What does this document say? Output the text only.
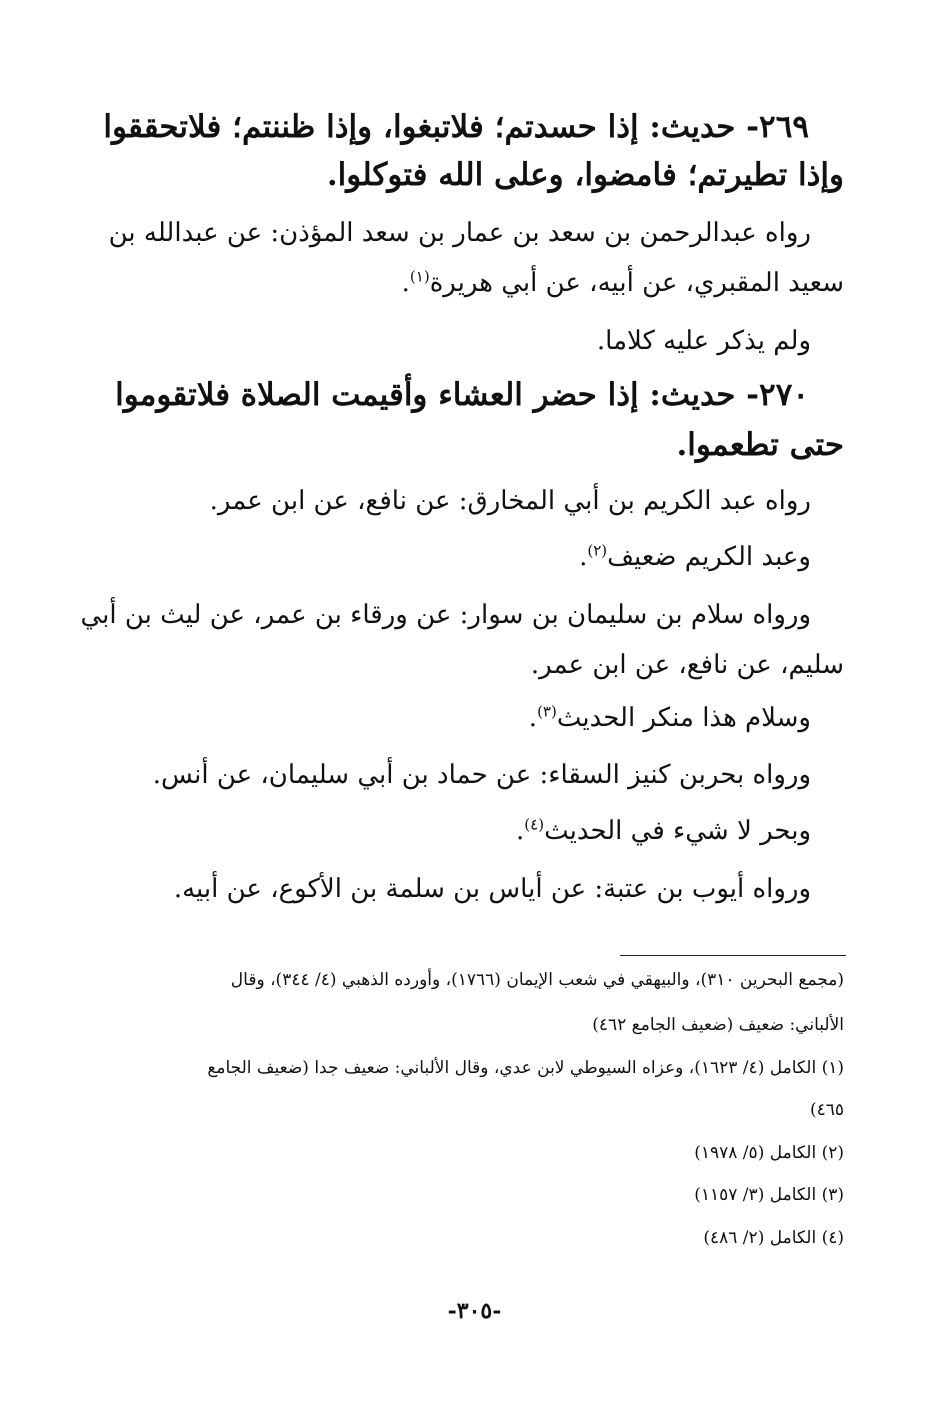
٢٦٩- حديث: إذا حسدتم؛ فلاتبغوا، وإذا ظننتم؛ فلاتحققوا
وإذا تطيرتم؛ فامضوا، وعلى الله فتوكلوا.
رواه عبدالرحمن بن سعد بن عمار بن سعد المؤذن: عن عبدالله بن
سعيد المقبري، عن أبيه، عن أبي هريرة$^{(١)}$.
ولم يذكر عليه كلاما.
٢٧٠- حديث: إذا حضر العشاء وأقيمت الصلاة فلاتقوموا
حتى تطعموا.
رواه عبد الكريم بن أبي المخارق: عن نافع، عن ابن عمر.
وعبد الكريم ضعيف$^{(٢)}$.
ورواه سلام بن سليمان بن سوار: عن ورقاء بن عمر، عن ليث بن أبي
سليم، عن نافع، عن ابن عمر.
وسلام هذا منكر الحديث$^{(٣)}$.
ورواه بحربن كنيز السقاء: عن حماد بن أبي سليمان، عن أنس.
وبحر لا شيء في الحديث$^{(٤)}$.
ورواه أيوب بن عتبة: عن أياس بن سلمة بن الأكوع، عن أبيه.
(مجمع البحرين ٣١٠)، والبيهقي في شعب الإيمان (١٧٦٦)، وأورده الذهبي (٤/ ٣٤٤)، وقال
الألباني: ضعيف (ضعيف الجامع ٤٦٢)
(١) الكامل (٤/ ١٦٢٣)، وعزاه السيوطي لابن عدي، وقال الألباني: ضعيف جدا (ضعيف الجامع
٤٦٥)
(٢) الكامل (٥/ ١٩٧٨)
(٣) الكامل (٣/ ١١٥٧)
(٤) الكامل (٢/ ٤٨٦)
-٣٠٥-
